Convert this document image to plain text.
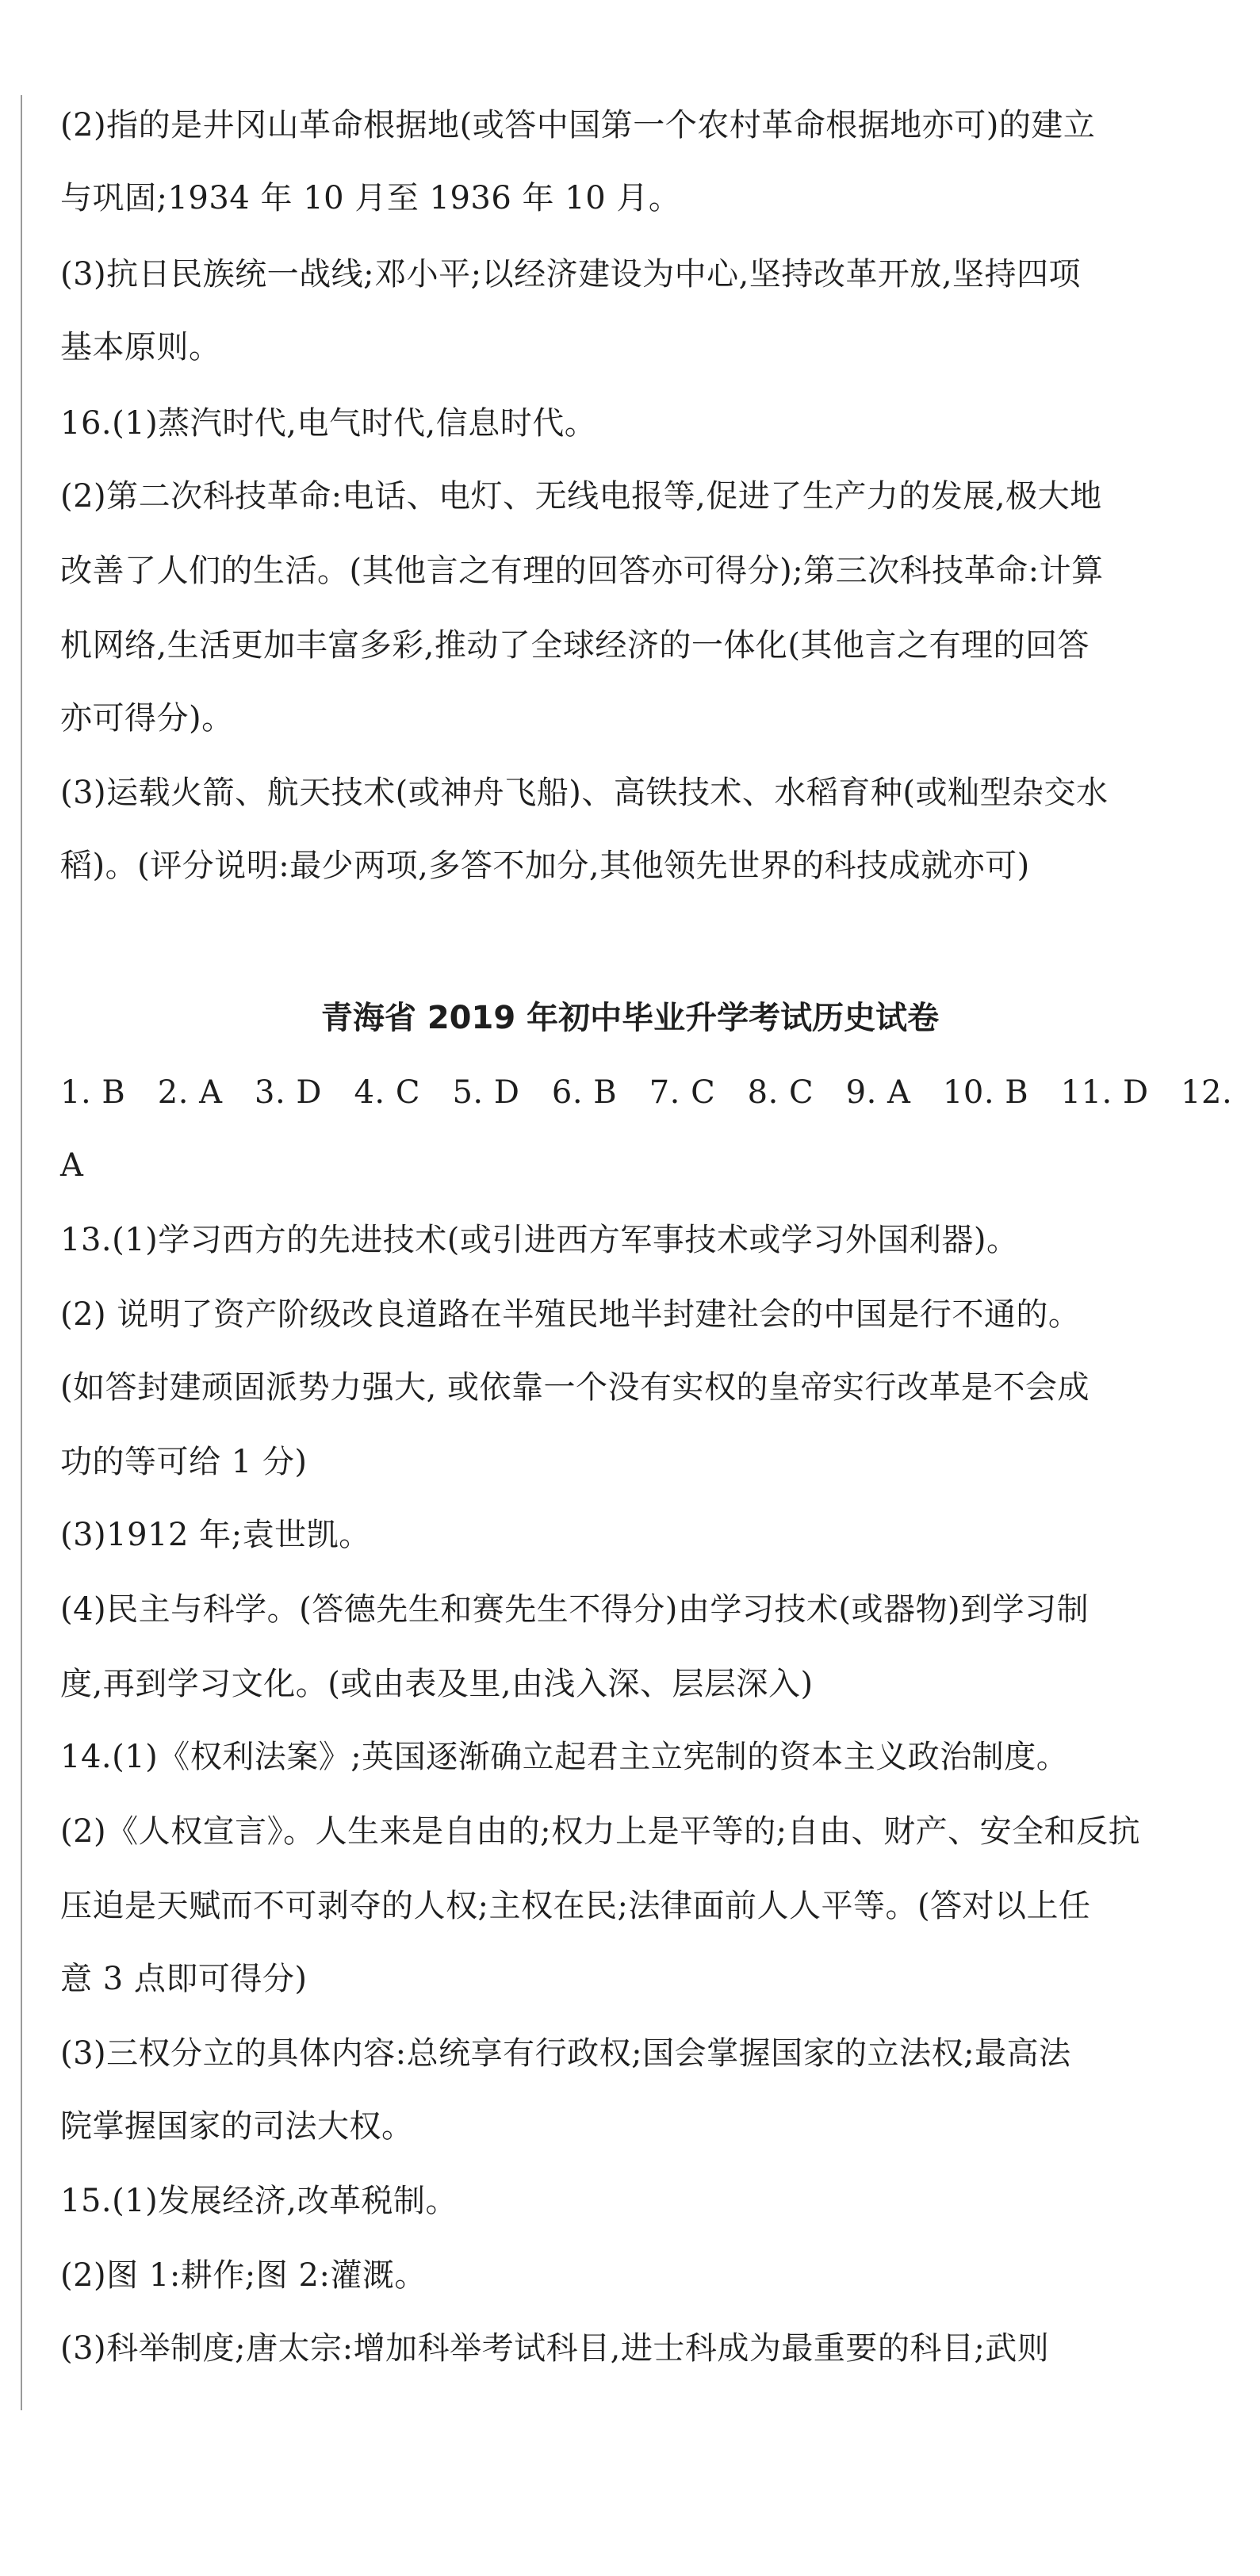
(2)指的是井冈山革命根据地(或答中国第一个农村革命根据地亦可)的建立
与巩固;1934 年 10 月至 1936 年 10 月。
(3)抗日民族统一战线;邓小平;以经济建设为中心,坚持改革开放,坚持四项
基本原则。
16.(1)蒸汽时代,电气时代,信息时代。
(2)第二次科技革命:电话、电灯、无线电报等,促进了生产力的发展,极大地
改善了人们的生活。(其他言之有理的回答亦可得分);第三次科技革命:计算
机网络,生活更加丰富多彩,推动了全球经济的一体化(其他言之有理的回答
亦可得分)。
(3)运载火箭、航天技术(或神舟飞船)、高铁技术、水稻育种(或籼型杂交水
稻)。(评分说明:最少两项,多答不加分,其他领先世界的科技成就亦可)
青海省 2019 年初中毕业升学考试历史试卷
1. B　2. A　3. D　4. C　5. D　6. B　7. C　8. C　9. A　10. B　11. D　12.
A
13.(1)学习西方的先进技术(或引进西方军事技术或学习外国利器)。
(2) 说明了资产阶级改良道路在半殖民地半封建社会的中国是行不通的。
(如答封建顽固派势力强大, 或依靠一个没有实权的皇帝实行改革是不会成
功的等可给 1 分)
(3)1912 年;袁世凯。
(4)民主与科学。(答德先生和赛先生不得分)由学习技术(或器物)到学习制
度,再到学习文化。(或由表及里,由浅入深、层层深入)
14.(1)《权利法案》;英国逐渐确立起君主立宪制的资本主义政治制度。
(2)《人权宣言》。人生来是自由的;权力上是平等的;自由、财产、安全和反抗
压迫是天赋而不可剥夺的人权;主权在民;法律面前人人平等。(答对以上任
意 3 点即可得分)
(3)三权分立的具体内容:总统享有行政权;国会掌握国家的立法权;最高法
院掌握国家的司法大权。
15.(1)发展经济,改革税制。
(2)图 1:耕作;图 2:灌溉。
(3)科举制度;唐太宗:增加科举考试科目,进士科成为最重要的科目;武则
